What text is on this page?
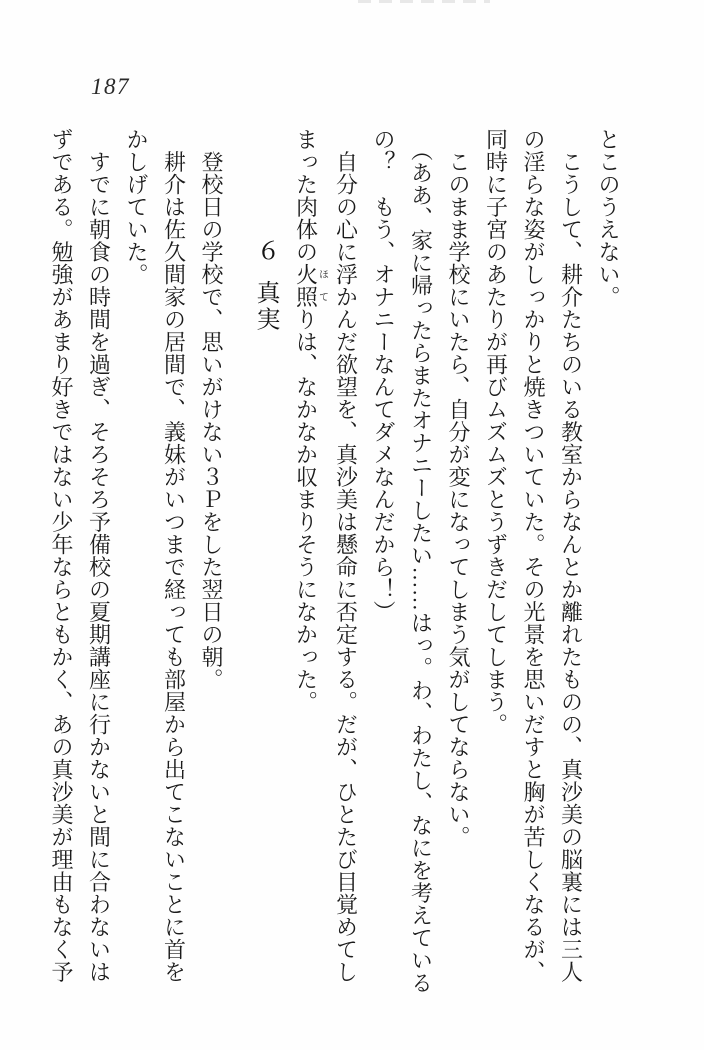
187

とこのうえない。

　こうして、耕介たちのいる教室からなんとか離れたものの、真沙美の脳裏には三人

の淫らな姿がしっかりと焼きついていた。その光景を思いだすと胸が苦しくなるが、

同時に子宮のあたりが再びムズムズとうずきだしてしまう。

　このまま学校にいたら、自分が変になってしまう気がしてならない。

（ああ、家に帰ったらまたオナニーしたい……はっ。わ、わたし、なにを考えている

の？　もう、オナニーなんてダメなんだから！）

　自分の心に浮かんだ欲望を、真沙美は懸命に否定する。だが、ひとたび目覚めてし

まった肉体の火照ほてりは、なかなか収まりそうになかった。

６真実

　登校日の学校で、思いがけない３Ｐをした翌日の朝。

　耕介は佐久間家の居間で、義妹がいつまで経っても部屋から出てこないことに首を

かしげていた。

　すでに朝食の時間を過ぎ、そろそろ予備校の夏期講座に行かないと間に合わないは

ずである。勉強があまり好きではない少年ならともかく、あの真沙美が理由もなく予
